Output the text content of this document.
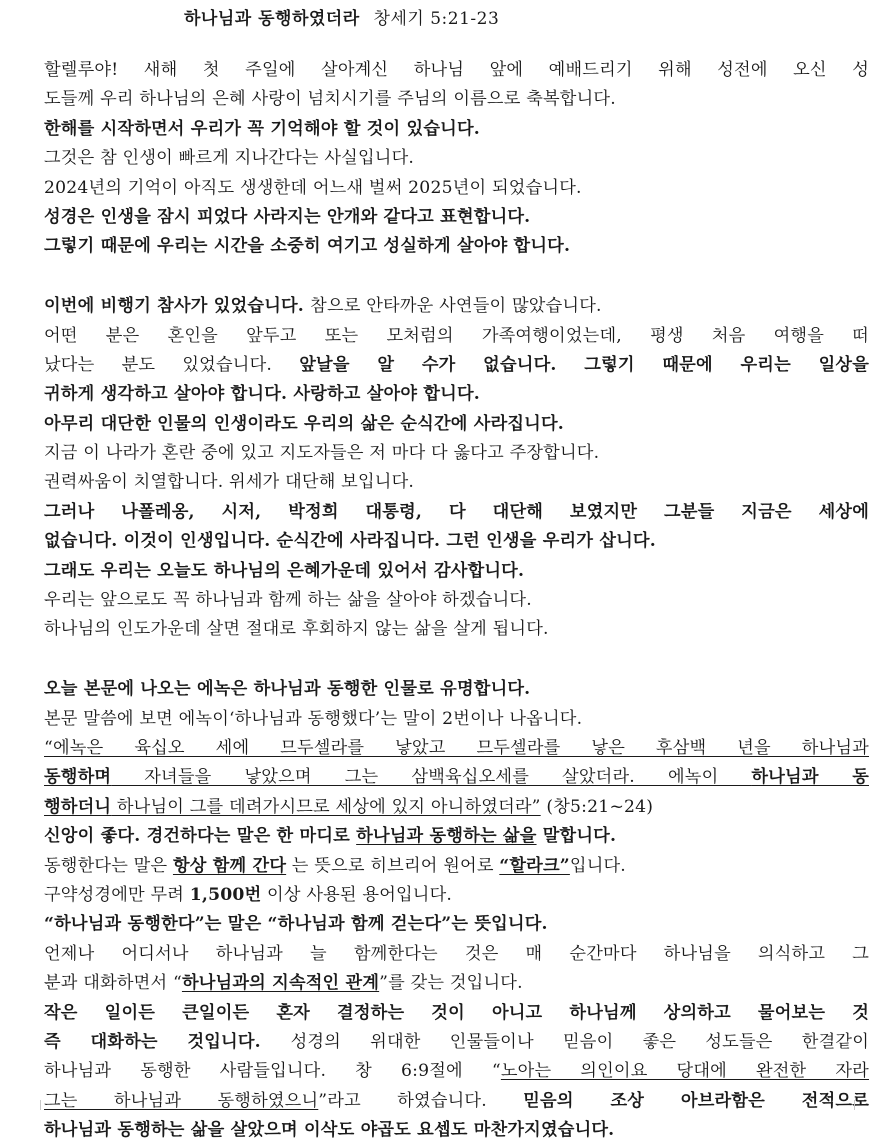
하나님과 동행하였더라 창세기 5:21-23
할렐루야! 새해 첫 주일에 살아계신 하나님 앞에 예배드리기 위해 성전에 오신 성
도들께 우리 하나님의 은혜 사랑이 넘치시기를 주님의 이름으로 축복합니다.
한해를 시작하면서 우리가 꼭 기억해야 할 것이 있습니다.
그것은 참 인생이 빠르게 지나간다는 사실입니다.
2024년의 기억이 아직도 생생한데 어느새 벌써 2025년이 되었습니다.
성경은 인생을 잠시 피었다 사라지는 안개와 같다고 표현합니다.
그렇기 때문에 우리는 시간을 소중히 여기고 성실하게 살아야 합니다.
이번에 비행기 참사가 있었습니다. 참으로 안타까운 사연들이 많았습니다.
어떤 분은 혼인을 앞두고 또는 모처럼의 가족여행이었는데, 평생 처음 여행을 떠
났다는 분도 있었습니다. 앞날을 알 수가 없습니다. 그렇기 때문에 우리는 일상을
귀하게 생각하고 살아야 합니다. 사랑하고 살아야 합니다.
아무리 대단한 인물의 인생이라도 우리의 삶은 순식간에 사라집니다.
지금 이 나라가 혼란 중에 있고 지도자들은 저 마다 다 옳다고 주장합니다.
권력싸움이 치열합니다. 위세가 대단해 보입니다.
그러나 나폴레옹, 시저, 박정희 대통령, 다 대단해 보였지만 그분들 지금은 세상에
없습니다. 이것이 인생입니다. 순식간에 사라집니다. 그런 인생을 우리가 삽니다.
그래도 우리는 오늘도 하나님의 은혜가운데 있어서 감사합니다.
우리는 앞으로도 꼭 하나님과 함께 하는 삶을 살아야 하겠습니다.
하나님의 인도가운데 살면 절대로 후회하지 않는 삶을 살게 됩니다.
오늘 본문에 나오는 에녹은 하나님과 동행한 인물로 유명합니다.
본문 말씀에 보면 에녹이‘하나님과 동행했다’는 말이 2번이나 나옵니다.
“에녹은 육십오 세에 므두셀라를 낳았고 므두셀라를 낳은 후삼백 년을 하나님과
동행하며 자녀들을 낳았으며 그는 삼백육십오세를 살았더라. 에녹이 하나님과 동
행하더니 하나님이 그를 데려가시므로 세상에 있지 아니하였더라” (창5:21~24)
신앙이 좋다. 경건하다는 말은 한 마디로 하나님과 동행하는 삶을 말합니다.
동행한다는 말은 항상 함께 간다 는 뜻으로 히브리어 원어로 “할라크”입니다.
구약성경에만 무려 1,500번 이상 사용된 용어입니다.
“하나님과 동행한다”는 말은 “하나님과 함께 걷는다”는 뜻입니다.
언제나 어디서나 하나님과 늘 함께한다는 것은 매 순간마다 하나님을 의식하고 그
분과 대화하면서 “하나님과의 지속적인 관계”를 갖는 것입니다.
작은 일이든 큰일이든 혼자 결정하는 것이 아니고 하나님께 상의하고 물어보는 것
즉 대화하는 것입니다. 성경의 위대한 인물들이나 믿음이 좋은 성도들은 한결같이
하나님과 동행한 사람들입니다. 창 6:9절에 “노아는 의인이요 당대에 완전한 자라
그는 하나님과 동행하였으니”라고 하였습니다. 믿음의 조상 아브라함은 전적으로
하나님과 동행하는 삶을 살았으며 이삭도 야곱도 요셉도 마찬가지였습니다.
